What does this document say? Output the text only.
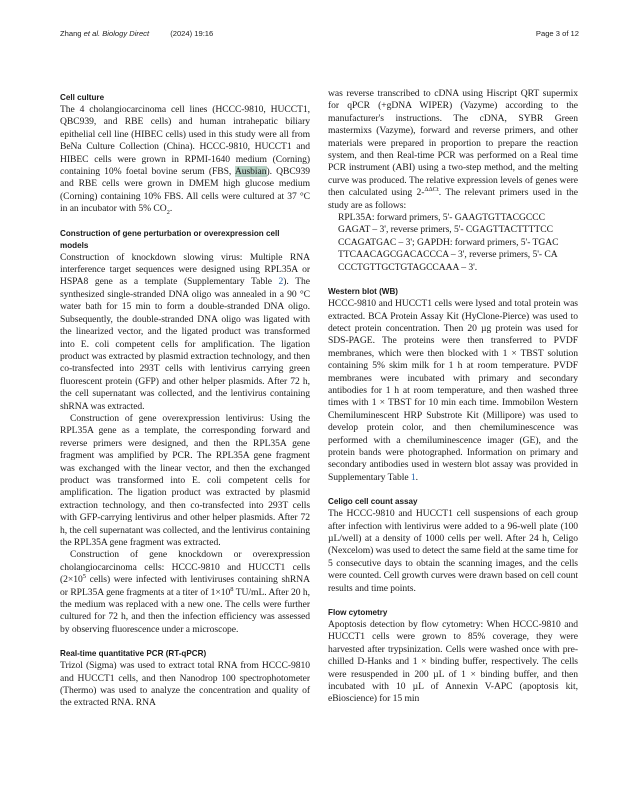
Zhang et al. Biology Direct	(2024) 19:16	Page 3 of 12
Cell culture

The 4 cholangiocarcinoma cell lines (HCCC-9810, HUCCT1, QBC939, and RBE cells) and human intrahepatic biliary epithelial cell line (HIBEC cells) used in this study were all from BeNa Culture Collection (China). HCCC-9810, HUCCT1 and HIBEC cells were grown in RPMI-1640 medium (Corning) containing 10% foetal bovine serum (FBS, Ausbian). QBC939 and RBE cells were grown in DMEM high glucose medium (Corning) containing 10% FBS. All cells were cultured at 37 °C in an incubator with 5% $CO_2$.

Construction of gene perturbation or overexpression cell models

Construction of knockdown slowing virus: Multiple RNA interference target sequences were designed using RPL35A or HSPA8 gene as a template (Supplementary Table 2). The synthesized single-stranded DNA oligo was annealed in a 90 °C water bath for 15 min to form a double-stranded DNA oligo. Subsequently, the double-stranded DNA oligo was ligated with the linearized vector, and the ligated product was transformed into E. coli competent cells for amplification. The ligation product was extracted by plasmid extraction technology, and then co-transfected into 293T cells with lentivirus carrying green fluorescent protein (GFP) and other helper plasmids. After 72 h, the cell supernatant was collected, and the lentivirus containing shRNA was extracted.

Construction of gene overexpression lentivirus: Using the RPL35A gene as a template, the corresponding forward and reverse primers were designed, and then the RPL35A gene fragment was amplified by PCR. The RPL35A gene fragment was exchanged with the linear vector, and then the exchanged product was transformed into E. coli competent cells for amplification. The ligation product was extracted by plasmid extraction technology, and then co-transfected into 293T cells with GFP-carrying lentivirus and other helper plasmids. After 72 h, the cell supernatant was collected, and the lentivirus containing the RPL35A gene fragment was extracted.

Construction of gene knockdown or overexpression cholangiocarcinoma cells: HCCC-9810 and HUCCT1 cells ($2\times 10^5$ cells) were infected with lentiviruses containing shRNA or RPL35A gene fragments at a titer of $1\times 10^8$ TU/mL. After 20 h, the medium was replaced with a new one. The cells were further cultured for 72 h, and then the infection efficiency was assessed by observing fluorescence under a microscope.

Real-time quantitative PCR (RT-qPCR)

Trizol (Sigma) was used to extract total RNA from HCCC-9810 and HUCCT1 cells, and then Nanodrop 100 spectrophotometer (Thermo) was used to analyze the concentration and quality of the extracted RNA. RNA

was reverse transcribed to cDNA using Hiscript QRT supermix for qPCR (+gDNA WIPER) (Vazyme) according to the manufacturer's instructions. The cDNA, SYBR Green mastermixs (Vazyme), forward and reverse primers, and other materials were prepared in proportion to prepare the reaction system, and then Real-time PCR was performed on a Real time PCR instrument (ABI) using a two-step method, and the melting curve was produced. The relative expression levels of genes were then calculated using 2-$^{\Delta\Delta Ct}$. The relevant primers used in the study are as follows:

RPL35A: forward primers, 5'- GAAGTGTTACGCCC GAGAT – 3', reverse primers, 5'- CGAGTTACTTTTCC CCAGATGAC – 3'; GAPDH: forward primers, 5'- TGAC TTCAACAGCGACACCCA – 3', reverse primers, 5'- CA CCCTGTTGCTGTAGCCAAA – 3'.

Western blot (WB)

HCCC-9810 and HUCCT1 cells were lysed and total protein was extracted. BCA Protein Assay Kit (HyClone-Pierce) was used to detect protein concentration. Then 20 µg protein was used for SDS-PAGE. The proteins were then transferred to PVDF membranes, which were then blocked with 1 × TBST solution containing 5% skim milk for 1 h at room temperature. PVDF membranes were incubated with primary and secondary antibodies for 1 h at room temperature, and then washed three times with 1 × TBST for 10 min each time. Immobilon Western Chemiluminescent HRP Substrote Kit (Millipore) was used to develop protein color, and then chemiluminescence was performed with a chemiluminescence imager (GE), and the protein bands were photographed. Information on primary and secondary antibodies used in western blot assay was provided in Supplementary Table 1.

Celigo cell count assay

The HCCC-9810 and HUCCT1 cell suspensions of each group after infection with lentivirus were added to a 96-well plate (100 µL/well) at a density of 1000 cells per well. After 24 h, Celigo (Nexcelom) was used to detect the same field at the same time for 5 consecutive days to obtain the scanning images, and the cells were counted. Cell growth curves were drawn based on cell count results and time points.

Flow cytometry

Apoptosis detection by flow cytometry: When HCCC-9810 and HUCCT1 cells were grown to 85% coverage, they were harvested after trypsinization. Cells were washed once with pre-chilled D-Hanks and 1 × binding buffer, respectively. The cells were resuspended in 200 µL of 1 × binding buffer, and then incubated with 10 µL of Annexin V-APC (apoptosis kit, eBioscience) for 15 min
